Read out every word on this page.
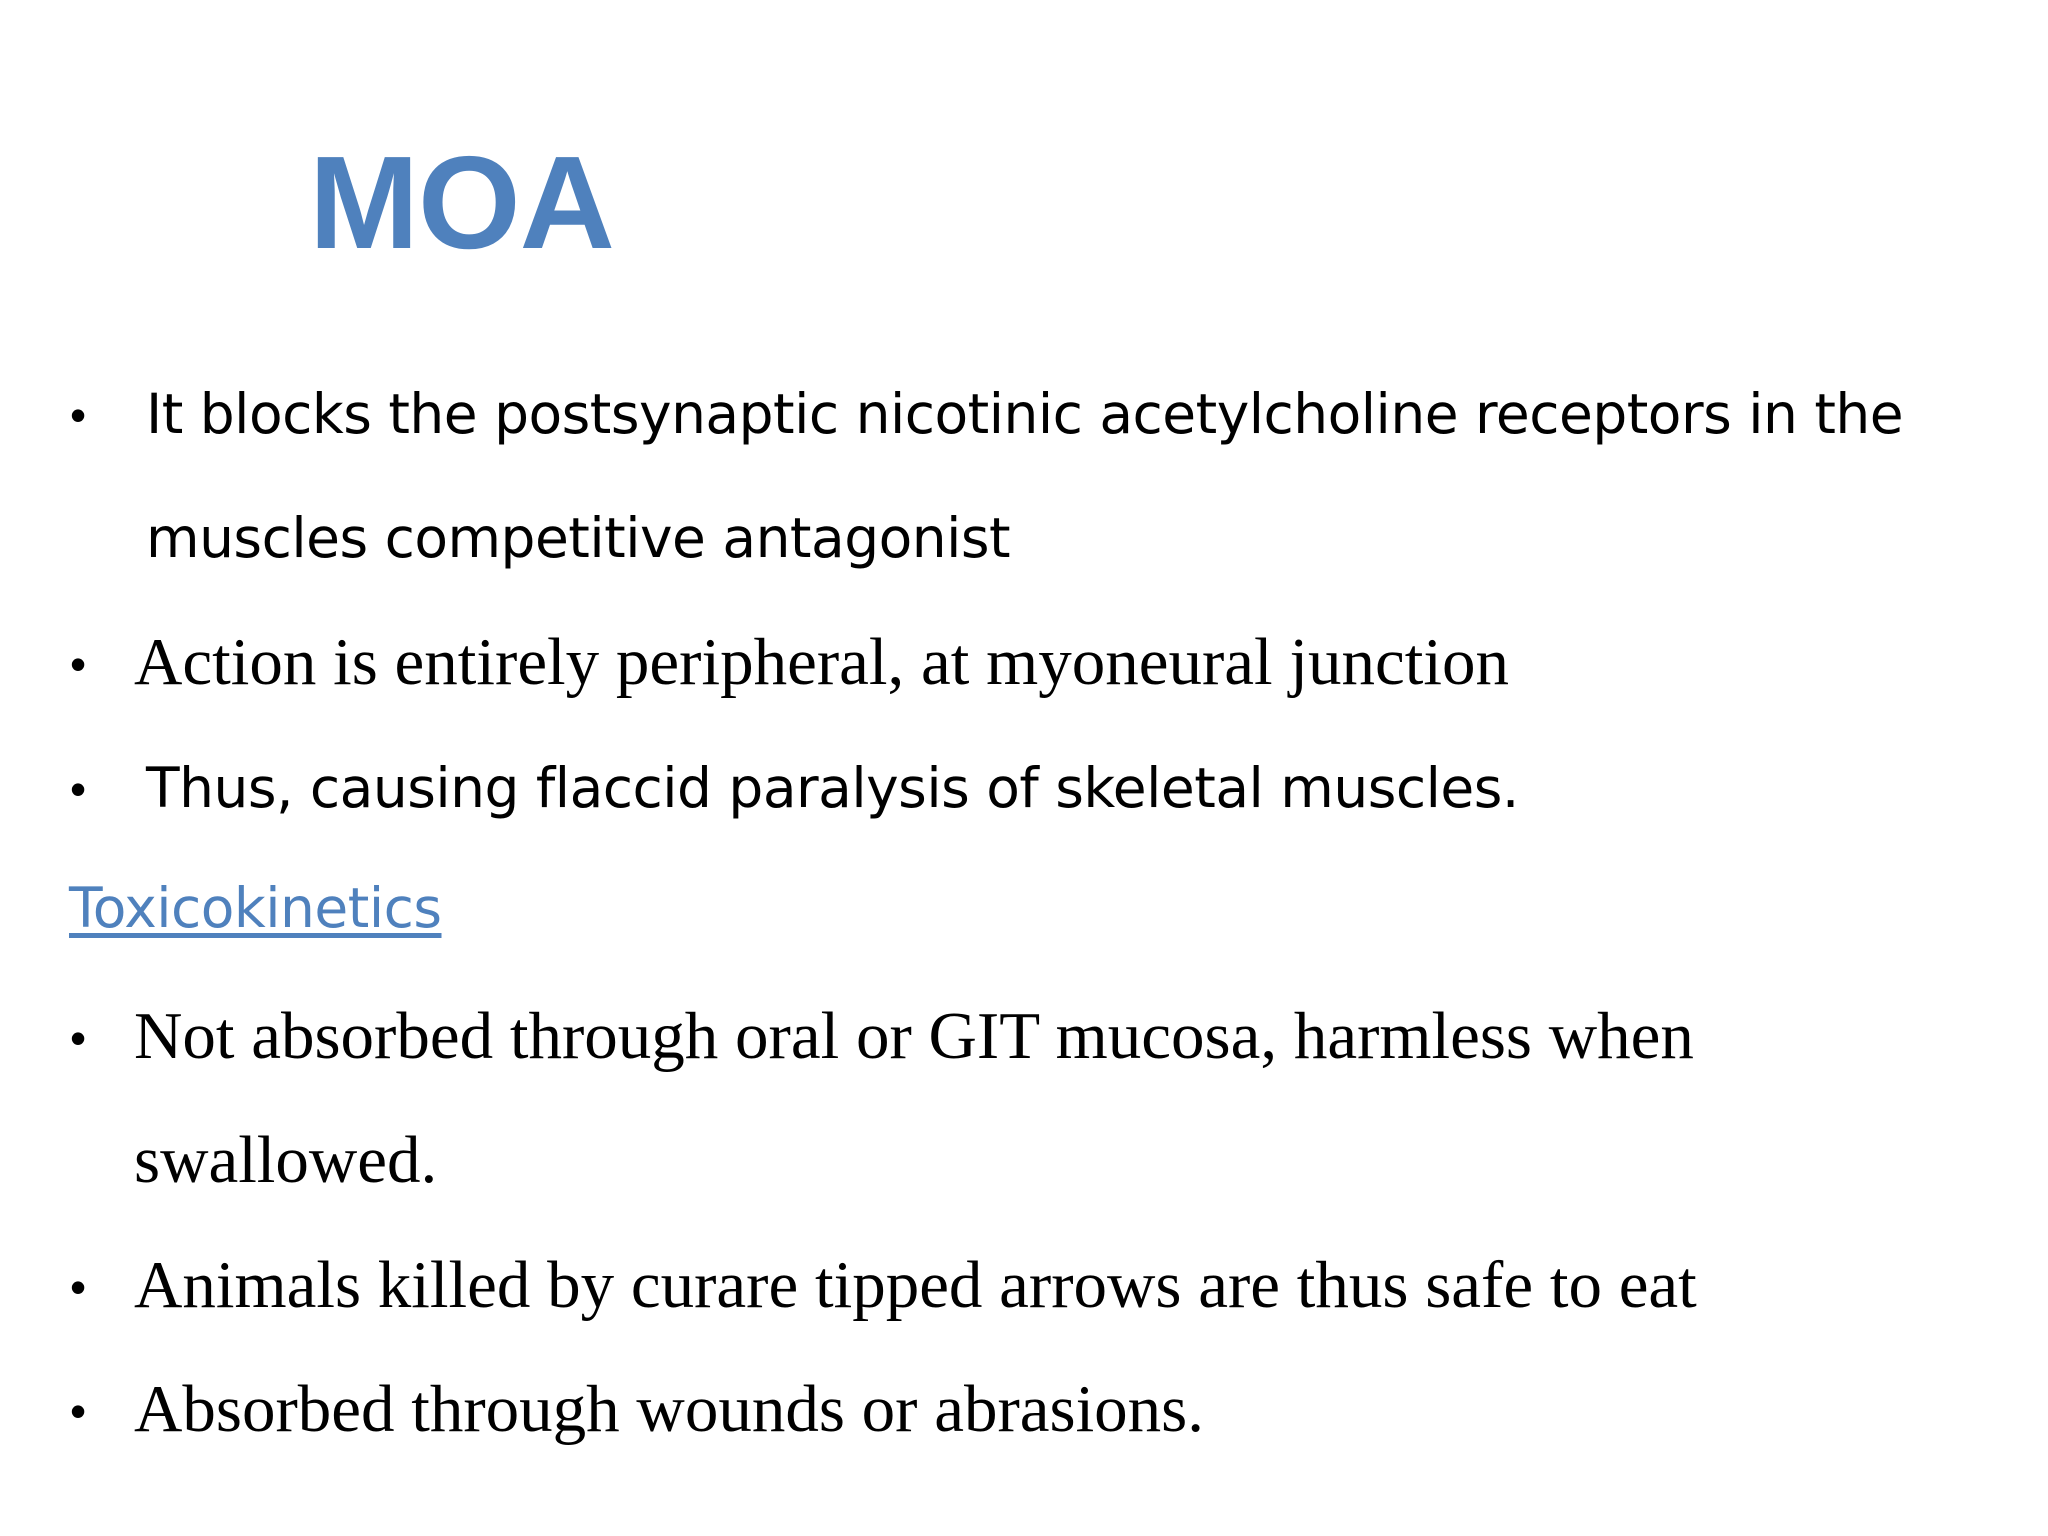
MOA
• It blocks the postsynaptic nicotinic acetylcholine receptors in the
muscles competitive antagonist
• Action is entirely peripheral, at myoneural junction
• Thus, causing flaccid paralysis of skeletal muscles.
Toxicokinetics
• Not absorbed through oral or GIT mucosa, harmless when
swallowed.
• Animals killed by curare tipped arrows are thus safe to eat
• Absorbed through wounds or abrasions.
